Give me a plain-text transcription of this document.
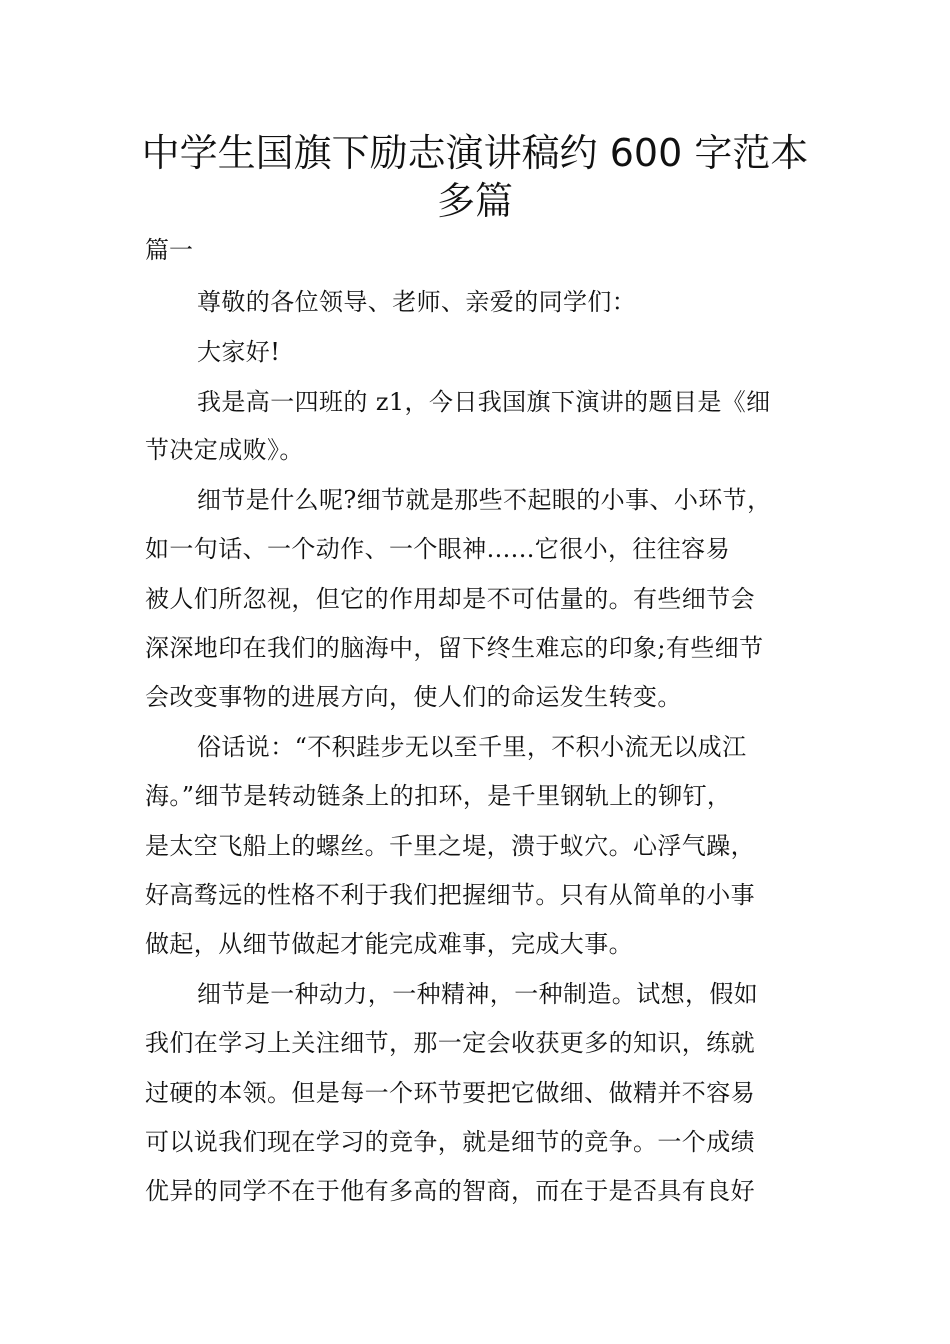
中学生国旗下励志演讲稿约 600 字范本
多篇

篇一

尊敬的各位领导、老师、亲爱的同学们：

大家好!

我是高一四班的 z1，今日我国旗下演讲的题目是《细

节决定成败》。

细节是什么呢?细节就是那些不起眼的小事、小环节，

如一句话、一个动作、一个眼神......它很小，往往容易

被人们所忽视，但它的作用却是不可估量的。有些细节会

深深地印在我们的脑海中，留下终生难忘的印象;有些细节

会改变事物的进展方向，使人们的命运发生转变。

俗话说：“不积跬步无以至千里，不积小流无以成江

海。”细节是转动链条上的扣环，是千里钢轨上的铆钉，

是太空飞船上的螺丝。千里之堤，溃于蚁穴。心浮气躁，

好高骛远的性格不利于我们把握细节。只有从简单的小事

做起，从细节做起才能完成难事，完成大事。

细节是一种动力，一种精神，一种制造。试想，假如

我们在学习上关注细节，那一定会收获更多的知识，练就

过硬的本领。但是每一个环节要把它做细、做精并不容易

可以说我们现在学习的竞争，就是细节的竞争。一个成绩

优异的同学不在于他有多高的智商，而在于是否具有良好
